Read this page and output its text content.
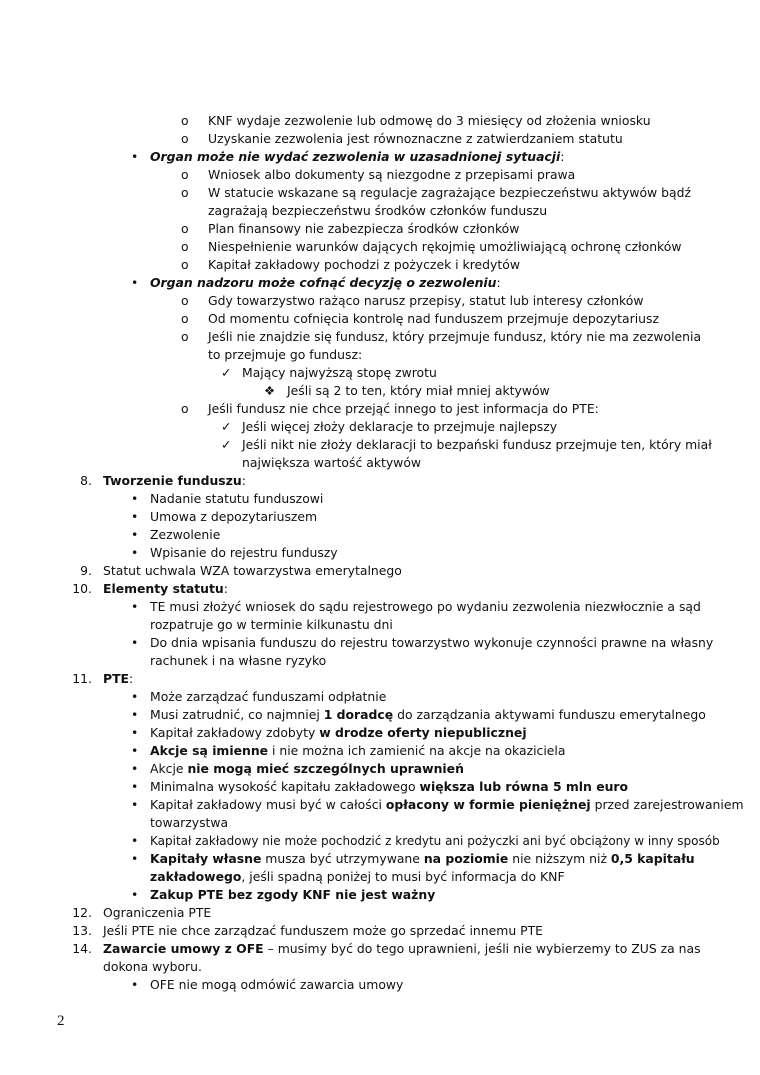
o KNF wydaje zezwolenie lub odmowę do 3 miesięcy od złożenia wniosku
o Uzyskanie zezwolenia jest równoznaczne z zatwierdzaniem statutu
• Organ może nie wydać zezwolenia w uzasadnionej sytuacji:
o Wniosek albo dokumenty są niezgodne z przepisami prawa
o W statucie wskazane są regulacje zagrażające bezpieczeństwu aktywów bądź
zagrażają bezpieczeństwu środków członków funduszu
o Plan finansowy nie zabezpiecza środków członków
o Niespełnienie warunków dających rękojmię umożliwiającą ochronę członków
o Kapitał zakładowy pochodzi z pożyczek i kredytów
• Organ nadzoru może cofnąć decyzję o zezwoleniu:
o Gdy towarzystwo rażąco narusz przepisy, statut lub interesy członków
o Od momentu cofnięcia kontrolę nad funduszem przejmuje depozytariusz
o Jeśli nie znajdzie się fundusz, który przejmuje fundusz, który nie ma zezwolenia
to przejmuje go fundusz:
✓ Mający najwyższą stopę zwrotu
❖ Jeśli są 2 to ten, który miał mniej aktywów
o Jeśli fundusz nie chce przejąć innego to jest informacja do PTE:
✓ Jeśli więcej złoży deklaracje to przejmuje najlepszy
✓ Jeśli nikt nie złoży deklaracji to bezpański fundusz przejmuje ten, który miał
największa wartość aktywów
8. Tworzenie funduszu:
• Nadanie statutu funduszowi
• Umowa z depozytariuszem
• Zezwolenie
• Wpisanie do rejestru funduszy
9. Statut uchwala WZA towarzystwa emerytalnego
10. Elementy statutu:
• TE musi złożyć wniosek do sądu rejestrowego po wydaniu zezwolenia niezwłocznie a sąd
rozpatruje go w terminie kilkunastu dni
• Do dnia wpisania funduszu do rejestru towarzystwo wykonuje czynności prawne na własny
rachunek i na własne ryzyko
11. PTE:
• Może zarządzać funduszami odpłatnie
• Musi zatrudnić, co najmniej 1 doradcę do zarządzania aktywami funduszu emerytalnego
• Kapitał zakładowy zdobyty w drodze oferty niepublicznej
• Akcje są imienne i nie można ich zamienić na akcje na okaziciela
• Akcje nie mogą mieć szczególnych uprawnień
• Minimalna wysokość kapitału zakładowego większa lub równa 5 mln euro
• Kapitał zakładowy musi być w całości opłacony w formie pieniężnej przed zarejestrowaniem
towarzystwa
• Kapitał zakładowy nie może pochodzić z kredytu ani pożyczki ani być obciążony w inny sposób
• Kapitały własne musza być utrzymywane na poziomie nie niższym niż 0,5 kapitału
zakładowego, jeśli spadną poniżej to musi być informacja do KNF
• Zakup PTE bez zgody KNF nie jest ważny
12. Ograniczenia PTE
13. Jeśli PTE nie chce zarządzać funduszem może go sprzedać innemu PTE
14. Zawarcie umowy z OFE – musimy być do tego uprawnieni, jeśli nie wybierzemy to ZUS za nas
dokona wyboru.
• OFE nie mogą odmówić zawarcia umowy
2
